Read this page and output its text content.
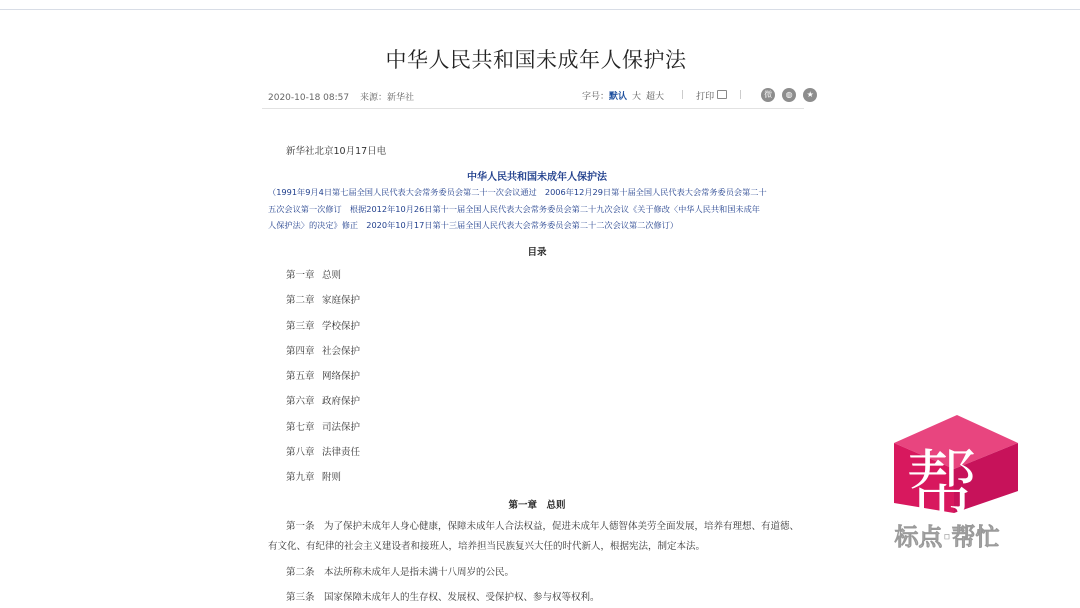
中华人民共和国未成年人保护法
2020-10-18 08:57 来源：新华社	字号： 默认 大 超大 | 打印	|	微	◍	★
新华社北京10月17日电
中华人民共和国未成年人保护法
（1991年9月4日第七届全国人民代表大会常务委员会第二十一次会议通过　2006年12月29日第十届全国人民代表大会常务委员会第二十
五次会议第一次修订　根据2012年10月26日第十一届全国人民代表大会常务委员会第二十九次会议《关于修改〈中华人民共和国未成年
人保护法〉的决定》修正　2020年10月17日第十三届全国人民代表大会常务委员会第二十二次会议第二次修订）
目录
第一章 总则
第二章 家庭保护
第三章 学校保护
第四章 社会保护
第五章 网络保护
第六章 政府保护
第七章 司法保护
第八章 法律责任
第九章 附则
第一章　总则
第一条　为了保护未成年人身心健康，保障未成年人合法权益，促进未成年人德智体美劳全面发展，培养有理想、有道德、有文化、有纪律的社会主义建设者和接班人，培养担当民族复兴大任的时代新人，根据宪法，制定本法。
第二条　本法所称未成年人是指未满十八周岁的公民。
第三条　国家保障未成年人的生存权、发展权、受保护权、参与权等权利。
帮
标点·帮忙
